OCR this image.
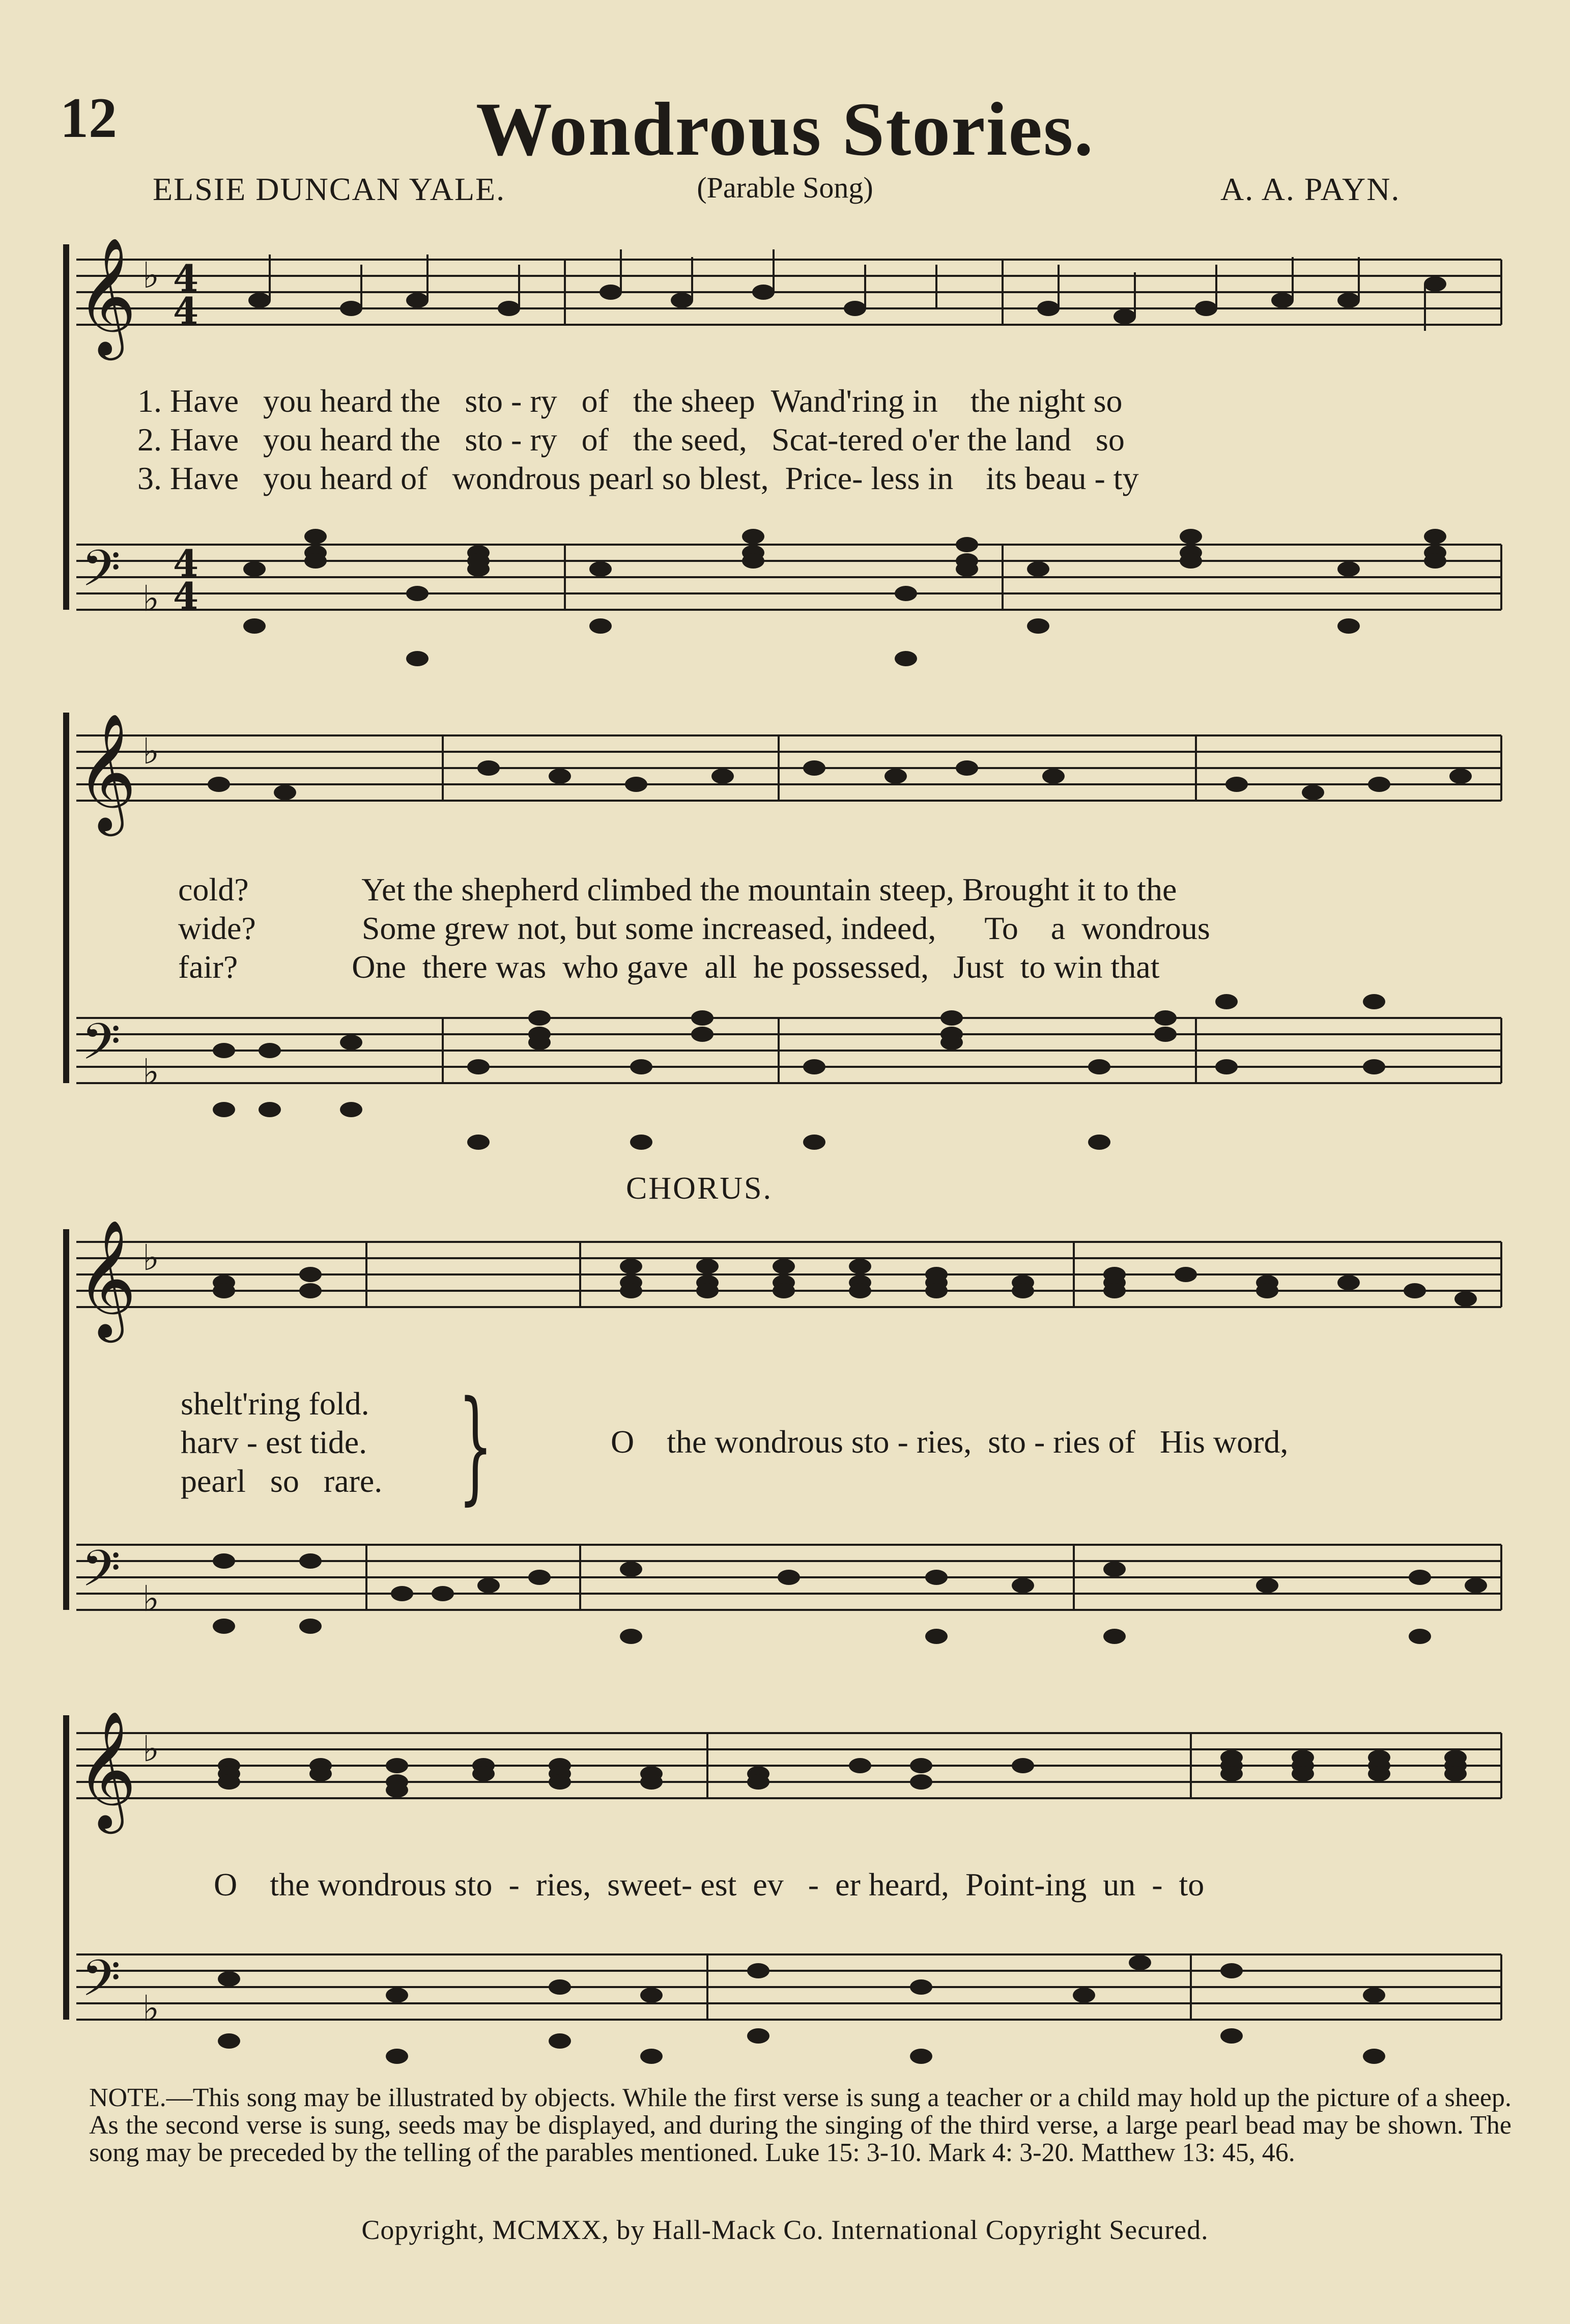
12	Wondrous Stories.
ELSIE DUNCAN YALE.	(Parable Song)	A. A. PAYN.
𝄞 ♭ 4
4
1. Have   you heard the   sto - ry   of   the sheep  Wand'ring in    the night so
2. Have   you heard the   sto - ry   of   the seed,   Scat-tered o'er the land   so
3. Have   you heard of   wondrous pearl so blest,  Price- less in    its beau - ty
𝄢 ♭
4
4
𝄞 ♭
cold?              Yet the shepherd climbed the mountain steep, Brought it to the
wide?             Some grew not, but some increased, indeed,      To    a  wondrous
fair?              One  there was  who gave  all  he possessed,   Just  to win that
𝄢 ♭
CHORUS.
𝄞 ♭
shelt'ring fold.
harv - est tide.
pearl   so   rare. }	O    the wondrous sto - ries,  sto - ries of   His word,
𝄢 ♭
𝄞 ♭
O    the wondrous sto  -  ries,  sweet- est  ev   -  er heard,  Point-ing  un  -  to
𝄢 ♭
NOTE.—This song may be illustrated by objects. While the first verse is sung a teacher or a child may hold up the picture of a sheep. As the second verse is sung, seeds may be displayed, and during the singing of the third verse, a large pearl bead may be shown. The song may be preceded by the telling of the parables mentioned. Luke 15: 3-10. Mark 4: 3-20. Matthew 13: 45, 46.
Copyright, MCMXX, by Hall-Mack Co. International Copyright Secured.
